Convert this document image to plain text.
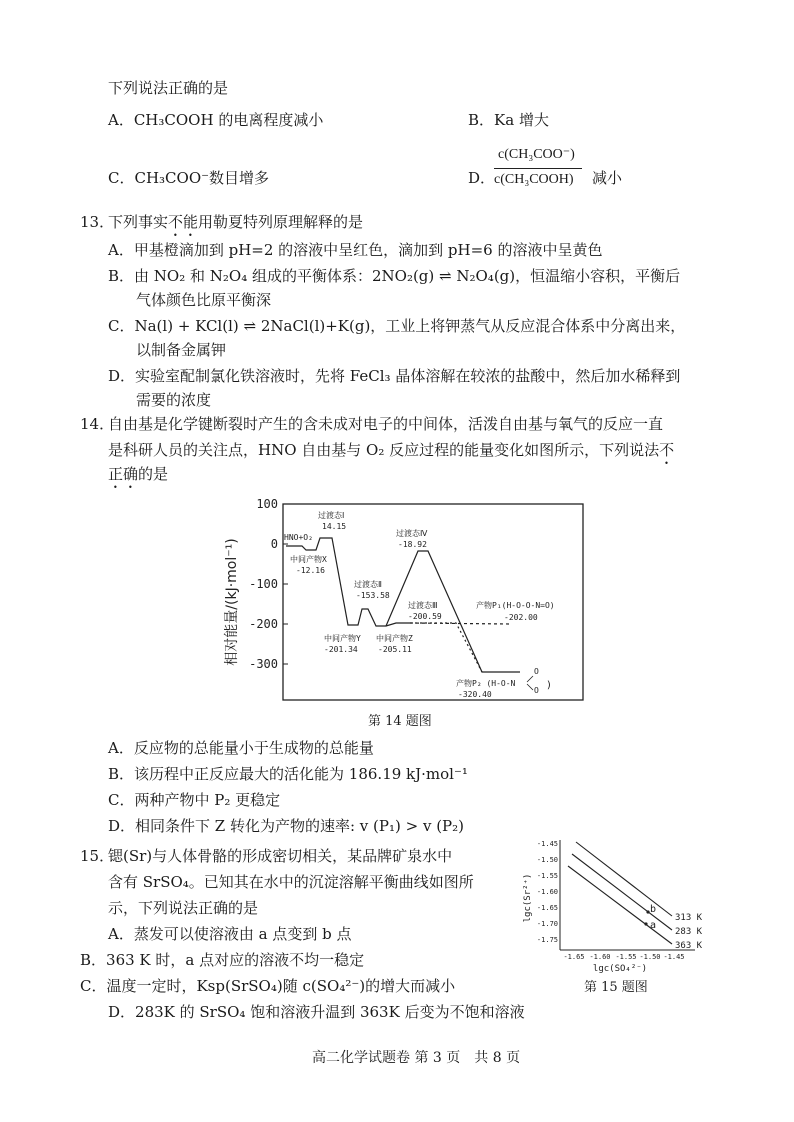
下列说法正确的是
A．CH₃COOH 的电离程度减小	B．Ka 增大
C．CH₃COO⁻数目增多	D．
c(CH₃COO⁻)
c(CH₃COOH) 减小
13．
下列事实不能用勒夏特列原理解释的是
A．甲基橙滴加到 pH=2 的溶液中呈红色，滴加到 pH=6 的溶液中呈黄色
B．由 NO₂ 和 N₂O₄ 组成的平衡体系：2NO₂(g) ⇌ N₂O₄(g)，恒温缩小容积，平衡后
气体颜色比原平衡深
C．Na(l) + KCl(l) ⇌ 2NaCl(l)+K(g)，工业上将钾蒸气从反应混合体系中分离出来，
以制备金属钾
D．实验室配制氯化铁溶液时，先将 FeCl₃ 晶体溶解在较浓的盐酸中，然后加水稀释到
需要的浓度
14．
自由基是化学键断裂时产生的含未成对电子的中间体，活泼自由基与氧气的反应一直
是科研人员的关注点，HNO 自由基与 O₂ 反应过程的能量变化如图所示，下列说法不
正确的是
100
0
-100
-200
-300
相对能量/(kJ·mol⁻¹)
HNO+O₂
过渡态Ⅰ
14.15
中间产物X
-12.16
过渡态Ⅱ
-153.58
中间产物Y
-201.34
中间产物Z
-205.11
过渡态Ⅲ
-200.59
过渡态Ⅳ
-18.92
产物P₁(H-O-O-N=O)
-202.00
产物P₂ (H-O-N
-320.40
O
O )
第 14 题图
A．反应物的总能量小于生成物的总能量
B．该历程中正反应最大的活化能为 186.19 kJ·mol⁻¹
C．两种产物中 P₂ 更稳定
D．相同条件下 Z 转化为产物的速率: v (P₁) > v (P₂)
15．
锶(Sr)与人体骨骼的形成密切相关，某品牌矿泉水中
含有 SrSO₄。已知其在水中的沉淀溶解平衡曲线如图所
示，下列说法正确的是
A．蒸发可以使溶液由 a 点变到 b 点
B．363 K 时，a 点对应的溶液不均一稳定
C．温度一定时，Ksp(SrSO₄)随 c(SO₄²⁻)的增大而减小
D．283K 的 SrSO₄ 饱和溶液升温到 363K 后变为不饱和溶液
-1.45
-1.50
-1.55
-1.60
-1.65
-1.70
-1.75
-1.65 -1.60 -1.55 -1.50 -1.45
lgc(SO₄²⁻)
lgc(Sr²⁺)	313 K
283 K
363 K
a
b
第 15 题图
高二化学试题卷 第 3 页　共 8 页
